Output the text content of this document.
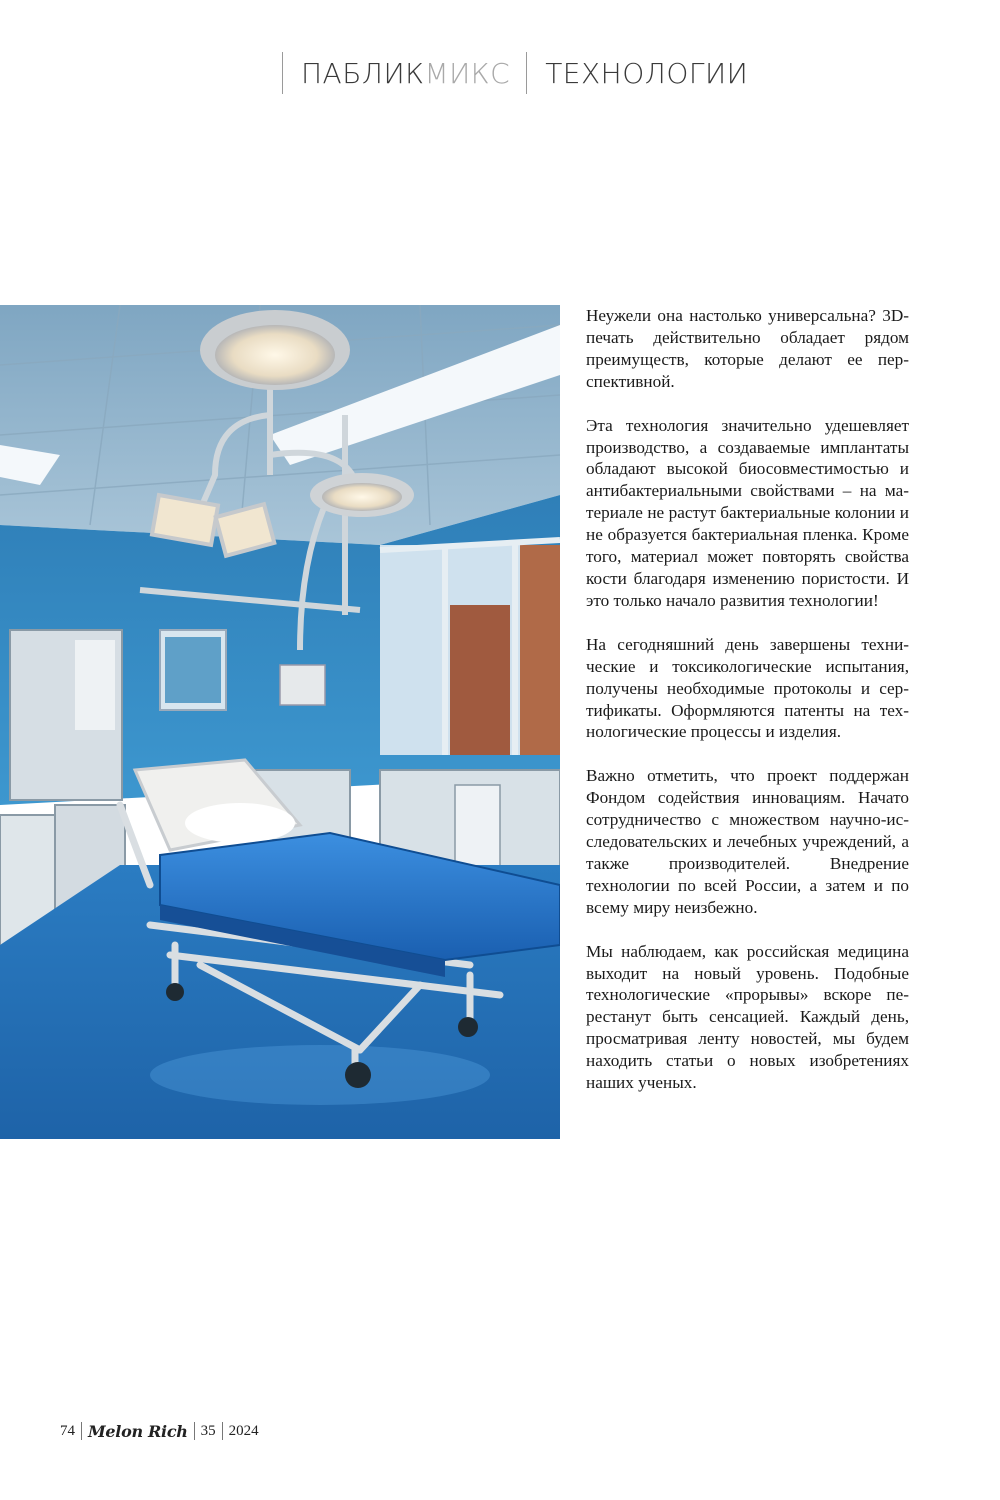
ПАБЛИКМИКС	ТЕХНОЛОГИИ

Неужели она настолько универсальна? 3D-печать действительно обладает рядом преимуществ, которые делают ее перспективной.

Эта технология значительно удешевляет производство, а создаваемые имплантаты обладают высокой биосовместимостью и антибактериальными свойствами – на материале не растут бактериальные колонии и не образуется бактериальная пленка. Кроме того, материал может повторять свойства кости благодаря изменению пористости. И это только начало развития технологии!

На сегодняшний день завершены технические и токсикологические испытания, получены необходимые протоколы и сертификаты. Оформляются патенты на технологические процессы и изделия.

Важно отметить, что проект поддержан Фондом содействия инновациям. Начато сотрудничество с множеством научно-исследовательских и лечебных учреждений, а также производителей. Внедрение технологии по всей России, а затем и по всему миру неизбежно.

Мы наблюдаем, как российская медицина выходит на новый уровень. Подобные технологические «прорывы» вскоре перестанут быть сенсацией. Каждый день, просматривая ленту новостей, мы будем находить статьи о новых изобретениях наших ученых.

74 Melon Rich 35 2024
